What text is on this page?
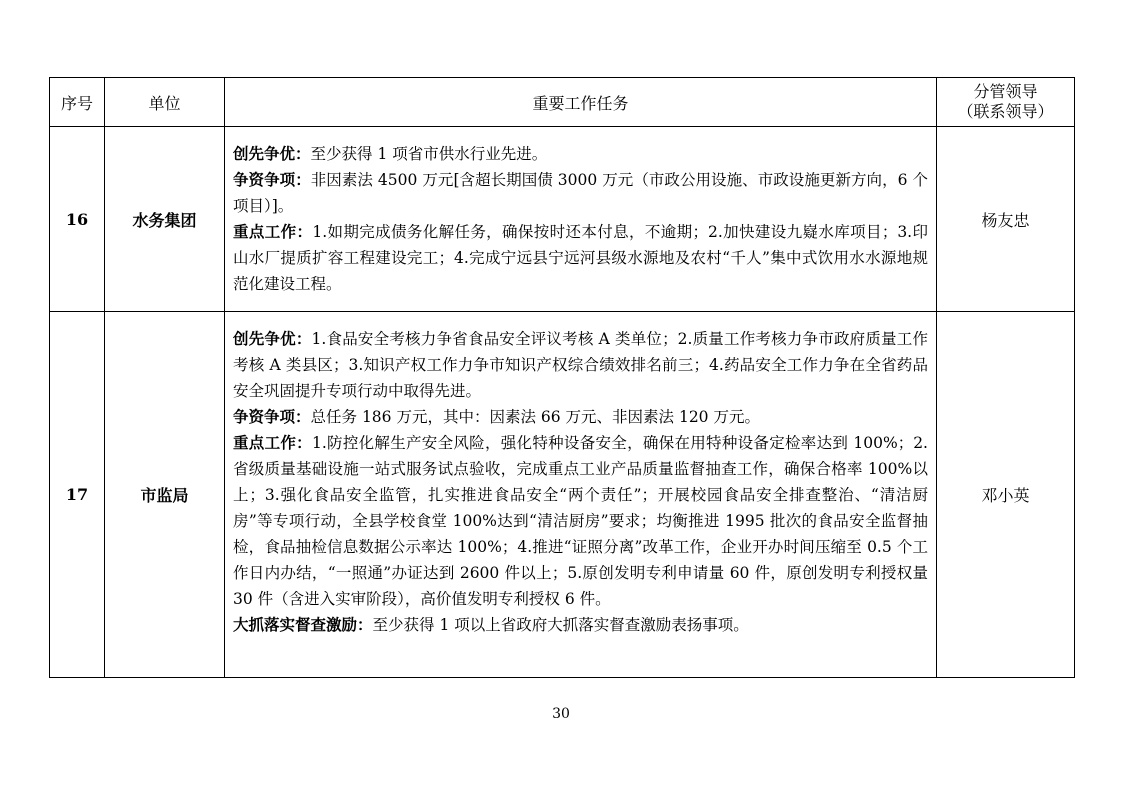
序号	单位	重要工作任务	分管领导
（联系领导）

16	水务集团	创先争优：至少获得 1 项省市供水行业先进。

争资争项：非因素法 4500 万元[含超长期国债 3000 万元（市政公用设施、市政设施更新方向，6 个项目）]。

重点工作：1.如期完成债务化解任务，确保按时还本付息，不逾期；2.加快建设九嶷水库项目；3.印山水厂提质扩容工程建设完工；4.完成宁远县宁远河县级水源地及农村“千人”集中式饮用水水源地规范化建设工程。	杨友忠
17	市监局	创先争优：1.食品安全考核力争省食品安全评议考核 A 类单位；2.质量工作考核力争市政府质量工作考核 A 类县区；3.知识产权工作力争市知识产权综合绩效排名前三；4.药品安全工作力争在全省药品安全巩固提升专项行动中取得先进。

争资争项：总任务 186 万元，其中：因素法 66 万元、非因素法 120 万元。

重点工作：1.防控化解生产安全风险，强化特种设备安全，确保在用特种设备定检率达到 100%；2.省级质量基础设施一站式服务试点验收，完成重点工业产品质量监督抽查工作，确保合格率 100%以上；3.强化食品安全监管，扎实推进食品安全“两个责任”；开展校园食品安全排查整治、“清洁厨房”等专项行动，全县学校食堂 100%达到“清洁厨房”要求；均衡推进 1995 批次的食品安全监督抽检，食品抽检信息数据公示率达 100%；4.推进“证照分离”改革工作，企业开办时间压缩至 0.5 个工作日内办结，“一照通”办证达到 2600 件以上；5.原创发明专利申请量 60 件，原创发明专利授权量 30 件（含进入实审阶段），高价值发明专利授权 6 件。

大抓落实督查激励：至少获得 1 项以上省政府大抓落实督查激励表扬事项。	邓小英
30
